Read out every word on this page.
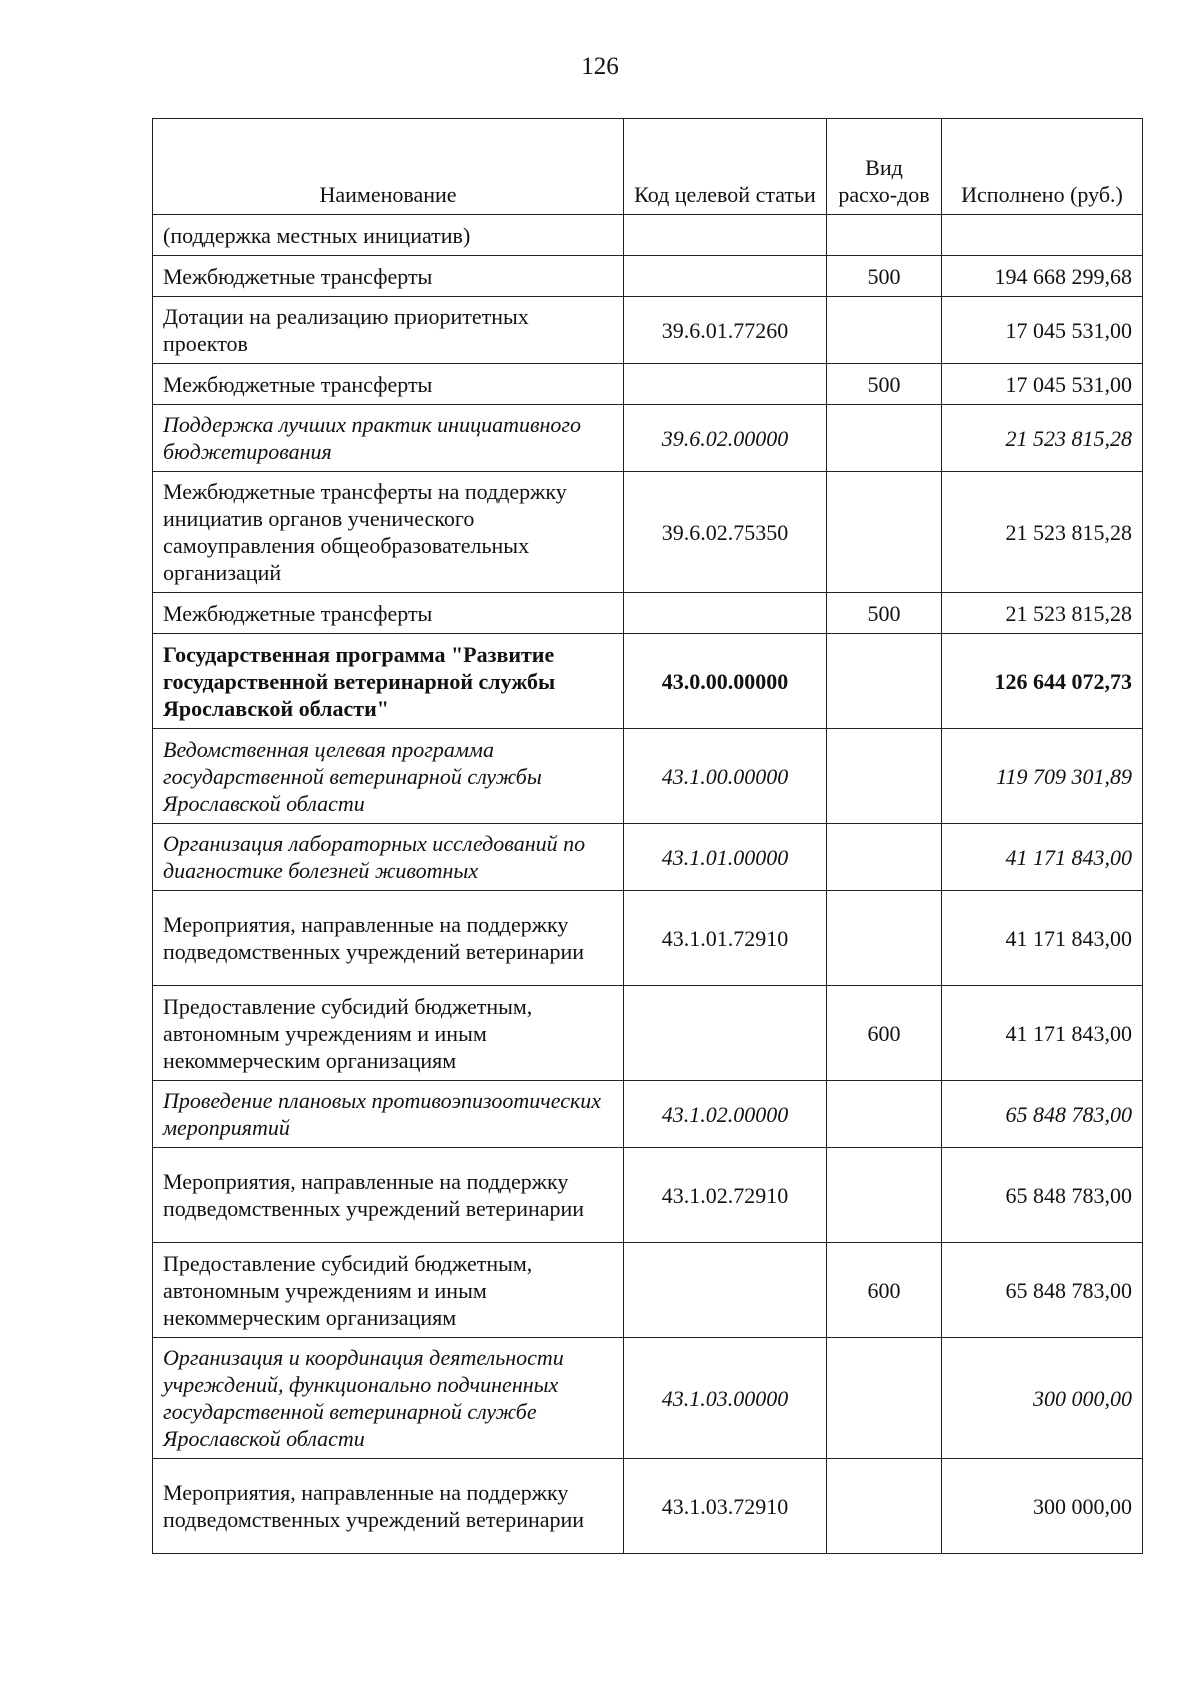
126
Наименование	Код целевой статьи	Вид расхо-дов	Исполнено (руб.)
(поддержка местных инициатив)			
Межбюджетные трансферты		500	194 668 299,68
Дотации на реализацию приоритетных проектов	39.6.01.77260		17 045 531,00
Межбюджетные трансферты		500	17 045 531,00
Поддержка лучших практик инициативного бюджетирования	39.6.02.00000		21 523 815,28
Межбюджетные трансферты на поддержку инициатив органов ученического самоуправления общеобразовательных организаций	39.6.02.75350		21 523 815,28
Межбюджетные трансферты		500	21 523 815,28
Государственная программа "Развитие государственной ветеринарной службы Ярославской области"	43.0.00.00000		126 644 072,73
Ведомственная целевая программа государственной ветеринарной службы Ярославской области	43.1.00.00000		119 709 301,89
Организация лабораторных исследований по диагностике болезней животных	43.1.01.00000		41 171 843,00
Мероприятия, направленные на поддержку подведомственных учреждений ветеринарии	43.1.01.72910		41 171 843,00
Предоставление субсидий бюджетным, автономным учреждениям и иным некоммерческим организациям		600	41 171 843,00
Проведение плановых противоэпизоотических мероприятий	43.1.02.00000		65 848 783,00
Мероприятия, направленные на поддержку подведомственных учреждений ветеринарии	43.1.02.72910		65 848 783,00
Предоставление субсидий бюджетным, автономным учреждениям и иным некоммерческим организациям		600	65 848 783,00
Организация и координация деятельности учреждений, функционально подчиненных государственной ветеринарной службе Ярославской области	43.1.03.00000		300 000,00
Мероприятия, направленные на поддержку подведомственных учреждений ветеринарии	43.1.03.72910		300 000,00
